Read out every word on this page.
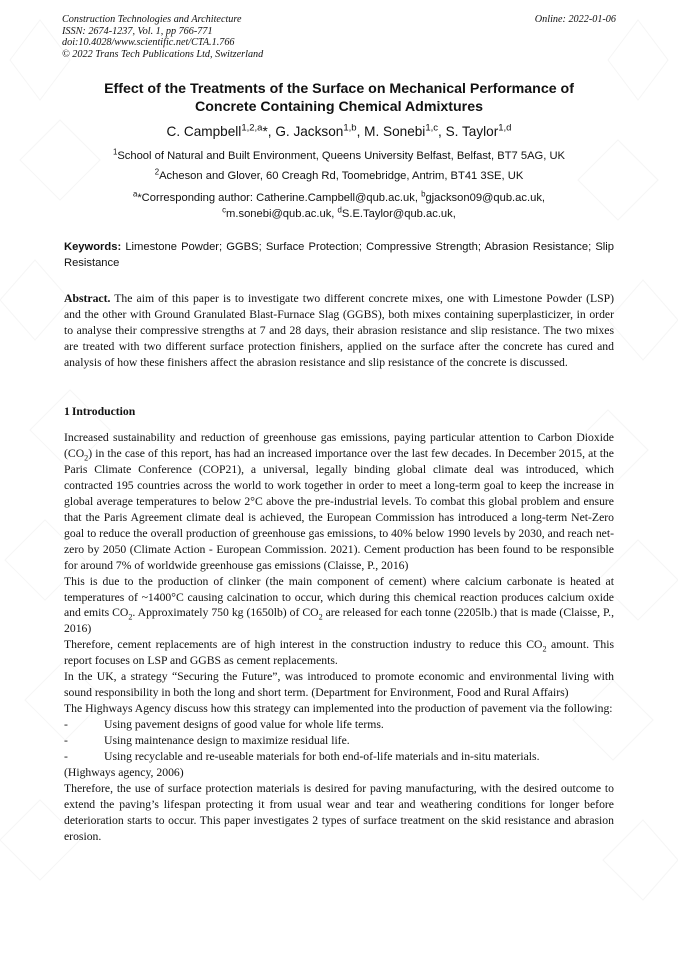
Construction Technologies and Architecture
ISSN: 2674-1237, Vol. 1, pp 766-771
doi:10.4028/www.scientific.net/CTA.1.766
© 2022 Trans Tech Publications Ltd, Switzerland
Online: 2022-01-06
Effect of the Treatments of the Surface on Mechanical Performance of
Concrete Containing Chemical Admixtures
C. Campbell$^{1,2,a}$*, G. Jackson$^{1,b}$, M. Sonebi$^{1,c}$, S. Taylor$^{1,d}$
$^1$School of Natural and Built Environment, Queens University Belfast, Belfast, BT7 5AG, UK
$^2$Acheson and Glover, 60 Creagh Rd, Toomebridge, Antrim, BT41 3SE, UK
$^a$*Corresponding author: Catherine.Campbell@qub.ac.uk, $^b$gjackson09@qub.ac.uk,
$^c$m.sonebi@qub.ac.uk, $^d$S.E.Taylor@qub.ac.uk,
Keywords: Limestone Powder; GGBS; Surface Protection; Compressive Strength; Abrasion Resistance; Slip Resistance
Abstract. The aim of this paper is to investigate two different concrete mixes, one with Limestone Powder (LSP) and the other with Ground Granulated Blast-Furnace Slag (GGBS), both mixes containing superplasticizer, in order to analyse their compressive strengths at 7 and 28 days, their abrasion resistance and slip resistance. The two mixes are treated with two different surface protection finishers, applied on the surface after the concrete has cured and analysis of how these finishers affect the abrasion resistance and slip resistance of the concrete is discussed.
1 Introduction

Increased sustainability and reduction of greenhouse gas emissions, paying particular attention to Carbon Dioxide $(CO_2)$ in the case of this report, has had an increased importance over the last few decades. In December 2015, at the Paris Climate Conference (COP21), a universal, legally binding global climate deal was introduced, which contracted 195 countries across the world to work together in order to meet a long-term goal to keep the increase in global average temperatures to below 2°C above the pre-industrial levels. To combat this global problem and ensure that the Paris Agreement climate deal is achieved, the European Commission has introduced a long-term Net-Zero goal to reduce the overall production of greenhouse gas emissions, to 40% below 1990 levels by 2030, and reach net-zero by 2050 (Climate Action - European Commission. 2021). Cement production has been found to be responsible for around 7% of worldwide greenhouse gas emissions (Claisse, P., 2016)

This is due to the production of clinker (the main component of cement) where calcium carbonate is heated at temperatures of ~1400°C causing calcination to occur, which during this chemical reaction produces calcium oxide and emits $CO_2$. Approximately 750 kg (1650lb) of $CO_2$ are released for each tonne (2205lb.) that is made (Claisse, P., 2016)

Therefore, cement replacements are of high interest in the construction industry to reduce this $CO_2$ amount. This report focuses on LSP and GGBS as cement replacements.

In the UK, a strategy “Securing the Future”, was introduced to promote economic and environmental living with sound responsibility in both the long and short term. (Department for Environment, Food and Rural Affairs)

The Highways Agency discuss how this strategy can implemented into the production of pavement via the following:

-	Using pavement designs of good value for whole life terms.
-	Using maintenance design to maximize residual life.
-	Using recyclable and re-useable materials for both end-of-life materials and in-situ materials.

(Highways agency, 2006)

Therefore, the use of surface protection materials is desired for paving manufacturing, with the desired outcome to extend the paving’s lifespan protecting it from usual wear and tear and weathering conditions for longer before deterioration starts to occur. This paper investigates 2 types of surface treatment on the skid resistance and abrasion erosion.
